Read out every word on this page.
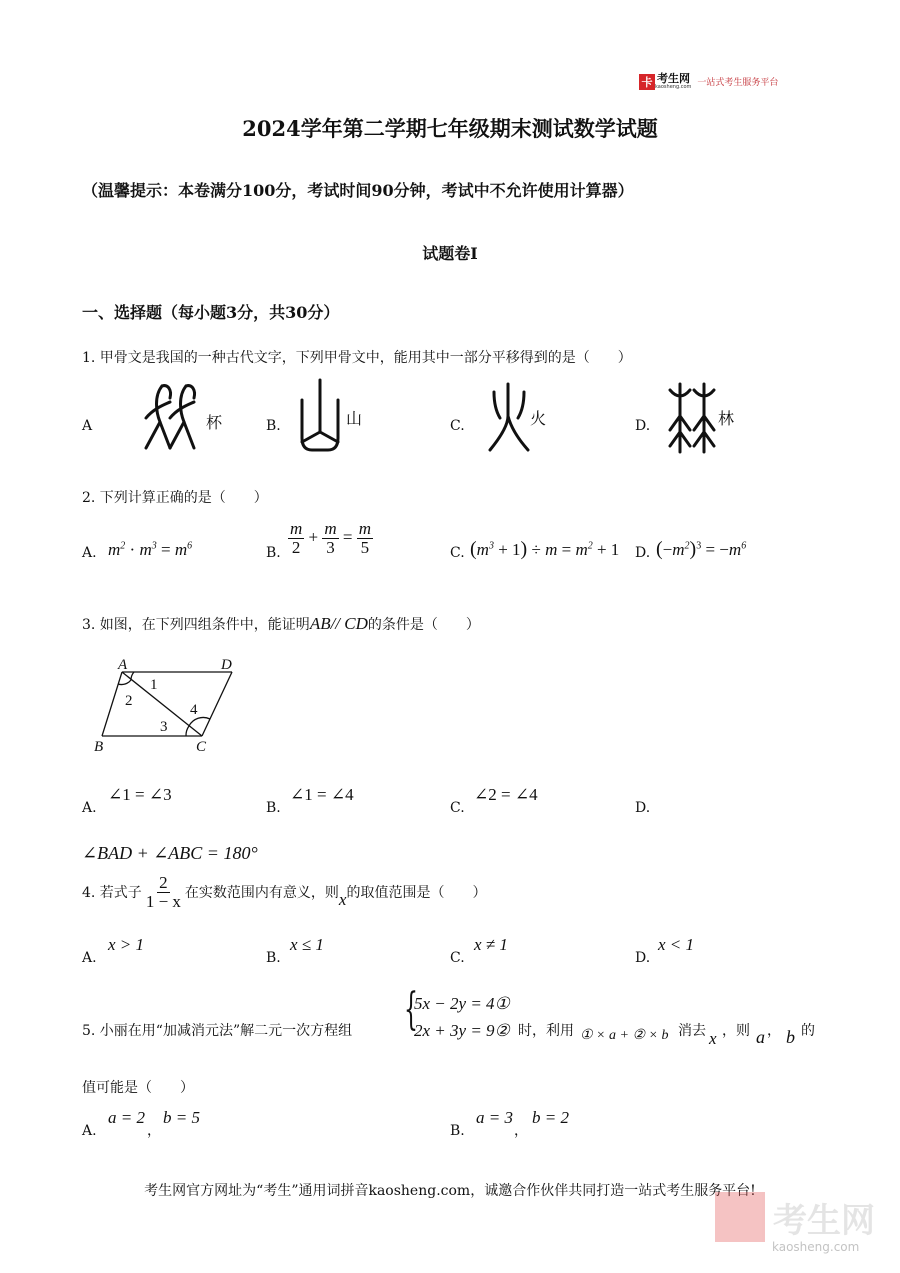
卡 考生网
kaosheng.com 一站式考生服务平台
2024学年第二学期七年级期末测试数学试题
（温馨提示：本卷满分100分，考试时间90分钟，考试中不允许使用计算器）
试题卷Ⅰ
一、选择题（每小题3分，共30分）
1. 甲骨文是我国的一种古代文字，下列甲骨文中，能用其中一部分平移得到的是（　　）
A	杯	B.	山	C.	火	D.	林
2. 下列计算正确的是（　　）
A. $m^2 \cdot m^3 = m^6$	B. $\frac{m}{2} + \frac{m}{3} = \frac{m}{5}$	C. $(m^3 + 1) \div m = m^2 + 1$ D. $(-m^2)^3 = -m^6$
3. 如图，在下列四组条件中，能证明AB// CD的条件是（　　）
A	D
B	C
1
2
3
4
A.
∠1 = ∠3
B.
∠1 = ∠4
C.
∠2 = ∠4
D.
∠BAD + ∠ABC = 180°
4. 若式子 $\frac{2}{1 - x}$ 在实数范围内有意义，则 x 的取值范围是（　　）
A.
x > 1
B.
x ≤ 1
C.
x ≠ 1
D.
x < 1
5. 小丽在用“加减消元法”解二元一次方程组 {
5x − 2y = 4①
2x + 3y = 9② 时，利用 ① × a + ② × b 消去 x ，则 a ， b 的
值可能是（　　）
A.
a = 2
，
b = 5
B.
a = 3
，
b = 2
考生网官方网址为“考生”通用词拼音kaosheng.com，诚邀合作伙伴共同打造一站式考生服务平台!
考生网
kaosheng.com
